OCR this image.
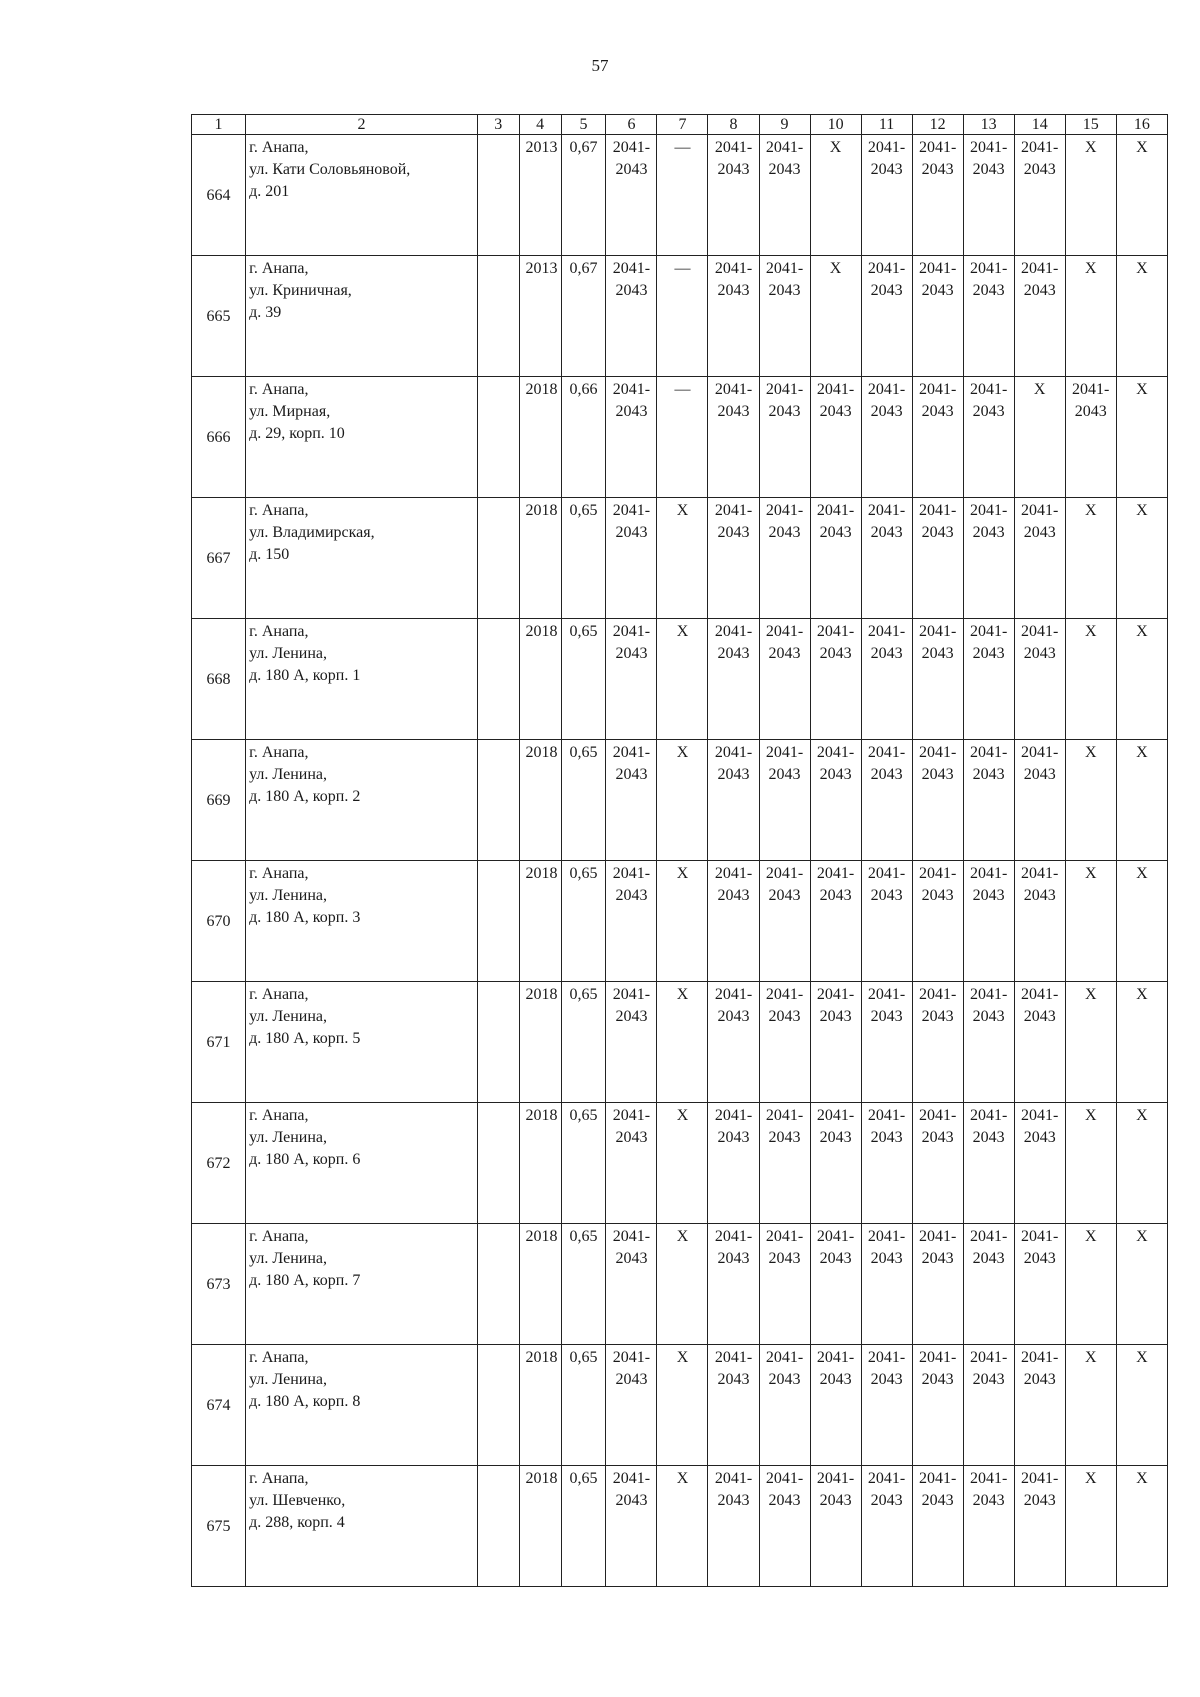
57
1	2	3	4	5	6	7	8	9	10	11	12	13	14	15	16
664	г. Анапа,
ул. Кати Соловьяновой,
д. 201		2013	0,67	2041-
2043	—	2041-
2043	2041-
2043	X	2041-
2043	2041-
2043	2041-
2043	2041-
2043	X	X
665	г. Анапа,
ул. Криничная,
д. 39		2013	0,67	2041-
2043	—	2041-
2043	2041-
2043	X	2041-
2043	2041-
2043	2041-
2043	2041-
2043	X	X
666	г. Анапа,
ул. Мирная,
д. 29, корп. 10		2018	0,66	2041-
2043	—	2041-
2043	2041-
2043	2041-
2043	2041-
2043	2041-
2043	2041-
2043	X	2041-
2043	X
667	г. Анапа,
ул. Владимирская,
д. 150		2018	0,65	2041-
2043	X	2041-
2043	2041-
2043	2041-
2043	2041-
2043	2041-
2043	2041-
2043	2041-
2043	X	X
668	г. Анапа,
ул. Ленина,
д. 180 А, корп. 1		2018	0,65	2041-
2043	X	2041-
2043	2041-
2043	2041-
2043	2041-
2043	2041-
2043	2041-
2043	2041-
2043	X	X
669	г. Анапа,
ул. Ленина,
д. 180 А, корп. 2		2018	0,65	2041-
2043	X	2041-
2043	2041-
2043	2041-
2043	2041-
2043	2041-
2043	2041-
2043	2041-
2043	X	X
670	г. Анапа,
ул. Ленина,
д. 180 А, корп. 3		2018	0,65	2041-
2043	X	2041-
2043	2041-
2043	2041-
2043	2041-
2043	2041-
2043	2041-
2043	2041-
2043	X	X
671	г. Анапа,
ул. Ленина,
д. 180 А, корп. 5		2018	0,65	2041-
2043	X	2041-
2043	2041-
2043	2041-
2043	2041-
2043	2041-
2043	2041-
2043	2041-
2043	X	X
672	г. Анапа,
ул. Ленина,
д. 180 А, корп. 6		2018	0,65	2041-
2043	X	2041-
2043	2041-
2043	2041-
2043	2041-
2043	2041-
2043	2041-
2043	2041-
2043	X	X
673	г. Анапа,
ул. Ленина,
д. 180 А, корп. 7		2018	0,65	2041-
2043	X	2041-
2043	2041-
2043	2041-
2043	2041-
2043	2041-
2043	2041-
2043	2041-
2043	X	X
674	г. Анапа,
ул. Ленина,
д. 180 А, корп. 8		2018	0,65	2041-
2043	X	2041-
2043	2041-
2043	2041-
2043	2041-
2043	2041-
2043	2041-
2043	2041-
2043	X	X
675	г. Анапа,
ул. Шевченко,
д. 288, корп. 4		2018	0,65	2041-
2043	X	2041-
2043	2041-
2043	2041-
2043	2041-
2043	2041-
2043	2041-
2043	2041-
2043	X	X
